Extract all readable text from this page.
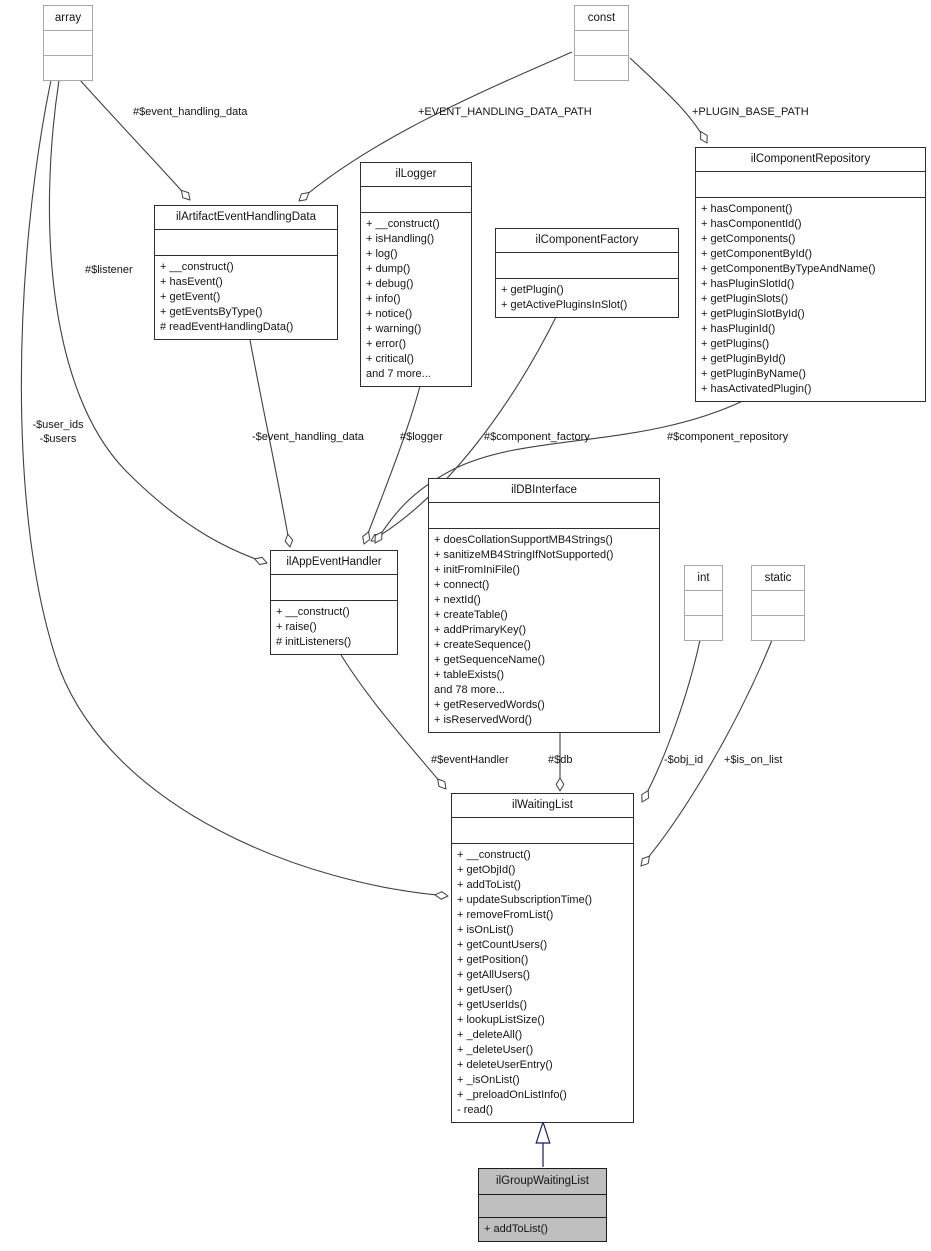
array	const
int	static
ilArtifactEventHandlingData
+ __construct()
+ hasEvent()
+ getEvent()
+ getEventsByType()
# readEventHandlingData()
ilLogger
+ __construct()
+ isHandling()
+ log()
+ dump()
+ debug()
+ info()
+ notice()
+ warning()
+ error()
+ critical()
and 7 more...
ilComponentFactory
+ getPlugin()
+ getActivePluginsInSlot()
ilComponentRepository
+ hasComponent()
+ hasComponentId()
+ getComponents()
+ getComponentById()
+ getComponentByTypeAndName()
+ hasPluginSlotId()
+ getPluginSlots()
+ getPluginSlotById()
+ hasPluginId()
+ getPlugins()
+ getPluginById()
+ getPluginByName()
+ hasActivatedPlugin()
ilDBInterface
+ doesCollationSupportMB4Strings()
+ sanitizeMB4StringIfNotSupported()
+ initFromIniFile()
+ connect()
+ nextId()
+ createTable()
+ addPrimaryKey()
+ createSequence()
+ getSequenceName()
+ tableExists()
and 78 more...
+ getReservedWords()
+ isReservedWord()
ilAppEventHandler
+ __construct()
+ raise()
# initListeners()
ilWaitingList
+ __construct()
+ getObjId()
+ addToList()
+ updateSubscriptionTime()
+ removeFromList()
+ isOnList()
+ getCountUsers()
+ getPosition()
+ getAllUsers()
+ getUser()
+ getUserIds()
+ lookupListSize()
+ _deleteAll()
+ _deleteUser()
+ deleteUserEntry()
+ _isOnList()
+ _preloadOnListInfo()
- read()
ilGroupWaitingList
+ addToList()
#$event_handling_data	+EVENT_HANDLING_DATA_PATH	+PLUGIN_BASE_PATH
#$listener
-$user_ids
-$users	-$event_handling_data	#$logger	#$component_factory	#$component_repository
#$eventHandler	#$db	-$obj_id +$is_on_list
